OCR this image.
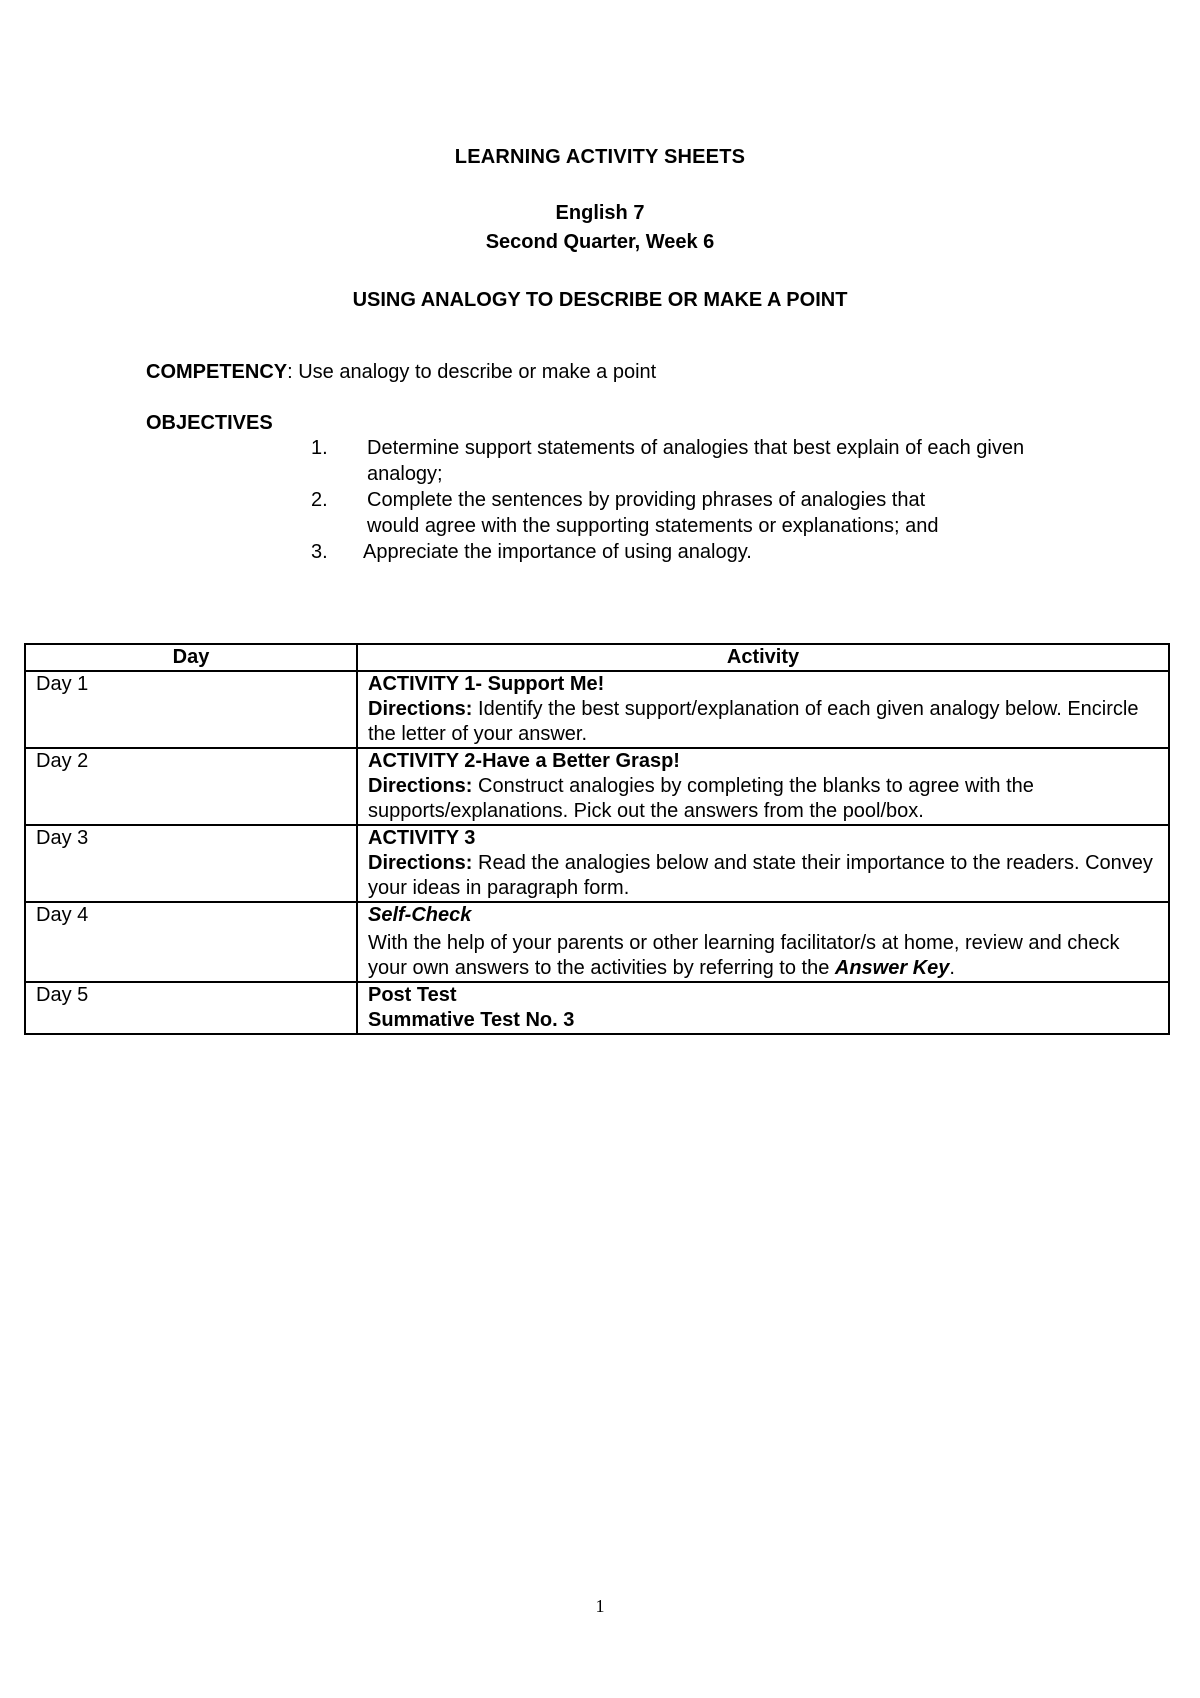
LEARNING ACTIVITY SHEETS
English 7
Second Quarter, Week 6
USING ANALOGY TO DESCRIBE OR MAKE A POINT
COMPETENCY: Use analogy to describe or make a point
OBJECTIVES
1. Determine support statements of analogies that best explain of each given
analogy;
2. Complete the sentences by providing phrases of analogies that
would agree with the supporting statements or explanations; and
3. Appreciate the importance of using analogy.
Day	Activity
Day 1	ACTIVITY 1- Support Me!
Directions: Identify the best support/explanation of each given analogy below. Encircle the letter of your answer.

Day 2	ACTIVITY 2-Have a Better Grasp!
Directions: Construct analogies by completing the blanks to agree with the supports/explanations. Pick out the answers from the pool/box.

Day 3	ACTIVITY 3
Directions: Read the analogies below and state their importance to the readers. Convey your ideas in paragraph form.

Day 4	Self-Check
With the help of your parents or other learning facilitator/s at home, review and check your own answers to the activities by referring to the Answer Key.

Day 5	Post Test
Summative Test No. 3
1
